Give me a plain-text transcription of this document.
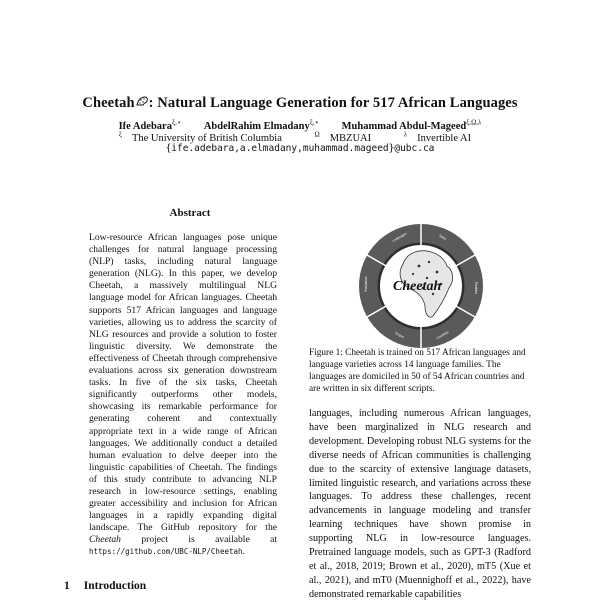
Cheetah : Natural Language Generation for 517 African Languages
Ife Adebara$^{\xi,⋆}$ AbdelRahim Elmadany$^{\xi,⋆}$ Muhammad Abdul-Mageed$^{\xi,\Omega,\lambda}$
$^\xi$ The University of British Columbia	$^\Omega$ MBZUAI	$^\lambda$ Invertible AI
{ife.adebara,a.elmadany,muhammad.mageed}@ubc.ca
Abstract
Low-resource African languages pose unique challenges for natural language processing (NLP) tasks, including natural language generation (NLG). In this paper, we develop Cheetah, a massively multilingual NLG language model for African languages. Cheetah supports 517 African languages and language varieties, allowing us to address the scarcity of NLG resources and provide a solution to foster linguistic diversity. We demonstrate the effectiveness of Cheetah through comprehensive evaluations across six generation downstream tasks. In five of the six tasks, Cheetah significantly outperforms other models, showcasing its remarkable performance for generating coherent and contextually appropriate text in a wide range of African languages. We additionally conduct a detailed human evaluation to delve deeper into the linguistic capabilities of Cheetah. The findings of this study contribute to advancing NLP research in low-resource settings, enabling greater accessibility and inclusion for African languages in a rapidly expanding digital landscape. The GitHub repository for the Cheetah project is available at https://github.com/UBC-NLP/Cheetah.
Cheetah
Languages	Tasks
Families
Countries
Scripts
Evaluation
Figure 1: Cheetah is trained on 517 African languages and language varieties across 14 language families. The languages are domiciled in 50 of 54 African countries and are written in six different scripts.
languages, including numerous African languages, have been marginalized in NLG research and development. Developing robust NLG systems for the diverse needs of African communities is challenging due to the scarcity of extensive language datasets, limited linguistic research, and variations across these languages. To address these challenges, recent advancements in language modeling and transfer learning techniques have shown promise in supporting NLG in low-resource languages. Pretrained language models, such as GPT-3 (Radford et al., 2018, 2019; Brown et al., 2020), mT5 (Xue et al., 2021), and mT0 (Muennighoff et al., 2022), have demonstrated remarkable capabilities
1 Introduction
